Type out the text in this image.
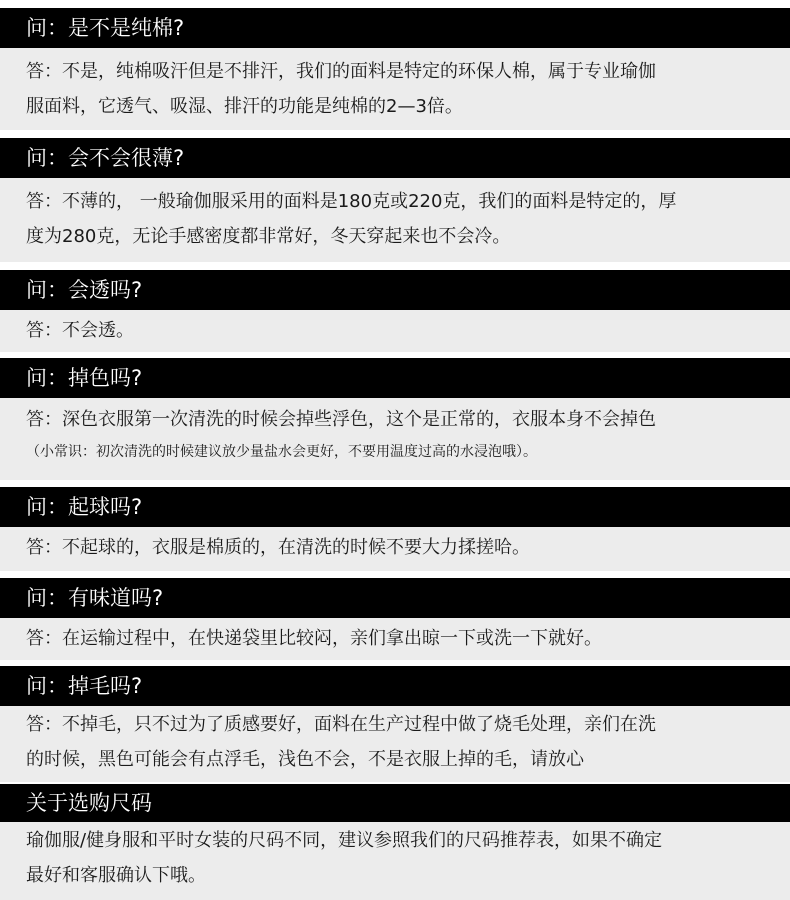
问：是不是纯棉?
答：不是，纯棉吸汗但是不排汗，我们的面料是特定的环保人棉，属于专业瑜伽
服面料，它透气、吸湿、排汗的功能是纯棉的2—3倍。
问：会不会很薄?
答：不薄的， 一般瑜伽服采用的面料是180克或220克，我们的面料是特定的，厚
度为280克，无论手感密度都非常好，冬天穿起来也不会冷。
问：会透吗?
答：不会透。
问：掉色吗?
答：深色衣服第一次清洗的时候会掉些浮色，这个是正常的，衣服本身不会掉色
（小常识：初次清洗的时候建议放少量盐水会更好，不要用温度过高的水浸泡哦）。
问：起球吗?
答：不起球的，衣服是棉质的，在清洗的时候不要大力揉搓哈。
问：有味道吗?
答：在运输过程中，在快递袋里比较闷，亲们拿出晾一下或洗一下就好。
问：掉毛吗?
答：不掉毛，只不过为了质感要好，面料在生产过程中做了烧毛处理，亲们在洗
的时候，黑色可能会有点浮毛，浅色不会，不是衣服上掉的毛，请放心
关于选购尺码
瑜伽服/健身服和平时女装的尺码不同，建议参照我们的尺码推荐表，如果不确定
最好和客服确认下哦。
